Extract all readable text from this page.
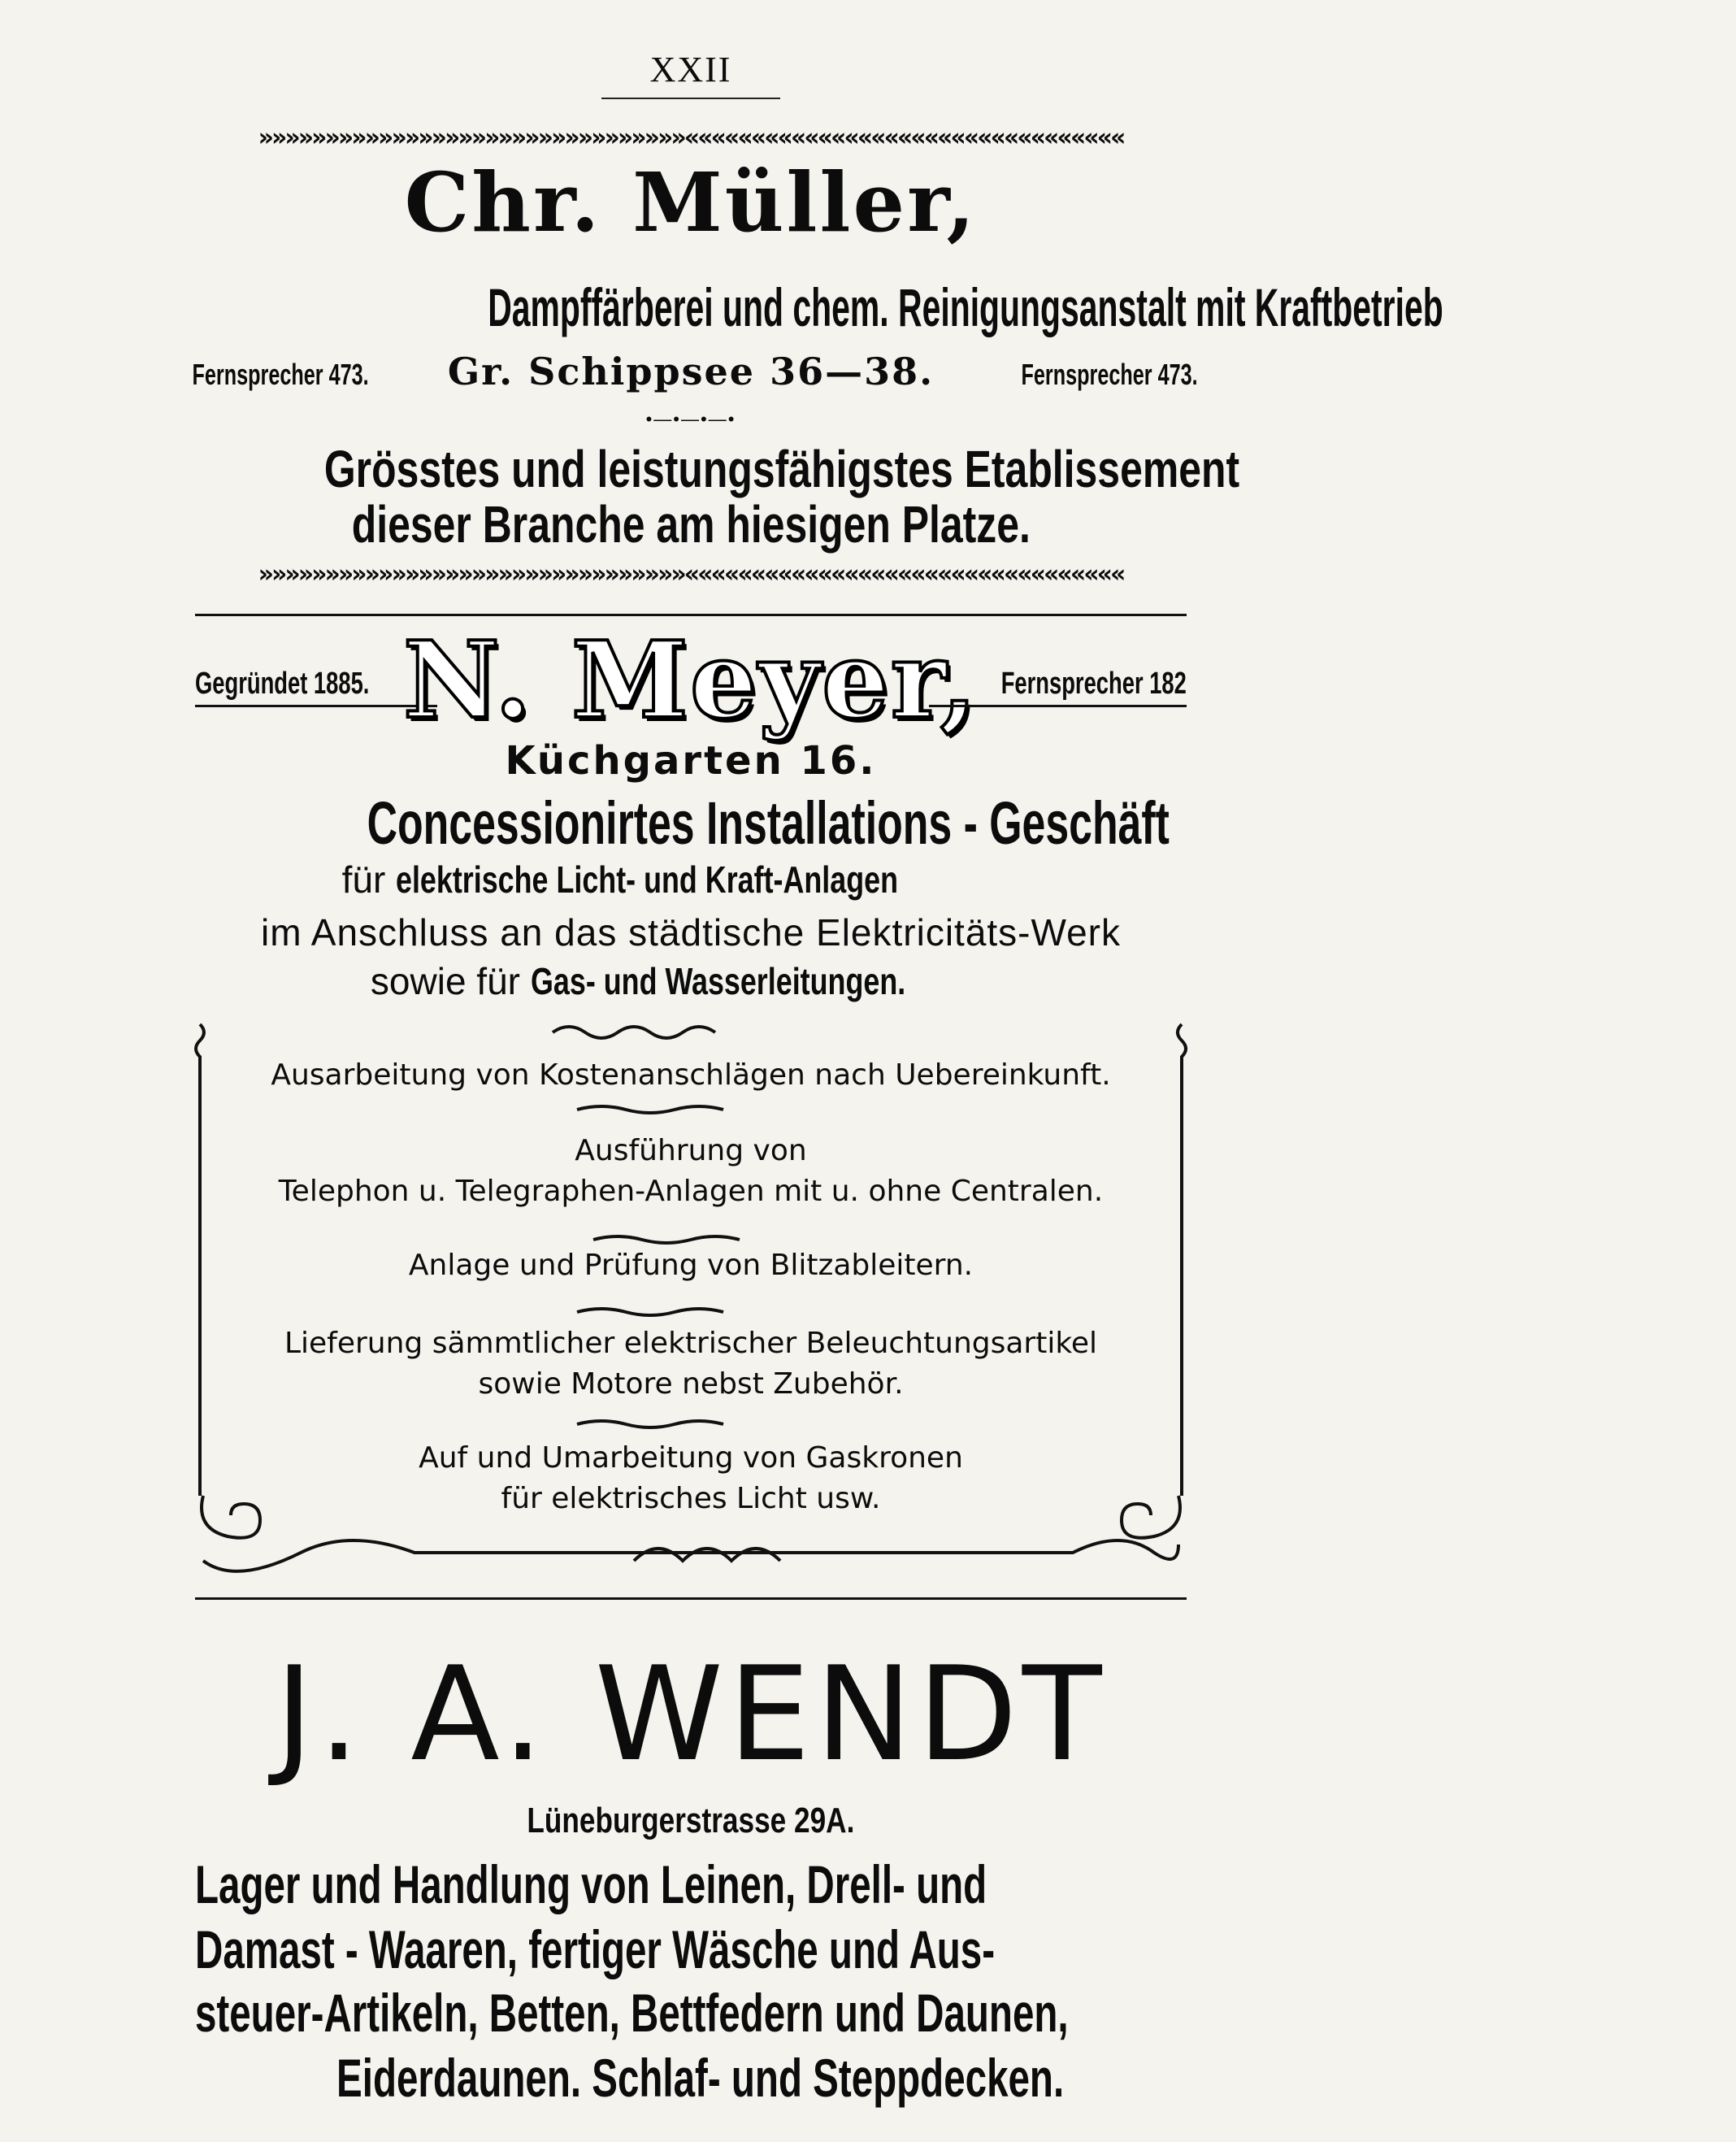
XXII
»»»»»»»»»»»»»»»»»»»»»»»»»»»»»»»»«««««««««««««««««««««««««««««««««
Chr. Müller,
Dampffärberei und chem. Reinigungsanstalt mit Kraftbetrieb
Fernsprecher 473.	Gr. Schippsee 36—38.	Fernsprecher 473.
•—•—•—•
Grösstes und leistungsfähigstes Etablissement
dieser Branche am hiesigen Platze.
»»»»»»»»»»»»»»»»»»»»»»»»»»»»»»»»«««««««««««««««««««««««««««««««««
Gegründet 1885. N. Meyer, Fernsprecher 182
Küchgarten 16.
Concessionirtes Installations - Geschäft
für elektrische Licht- und Kraft-Anlagen
im Anschluss an das städtische Elektricitäts-Werk
sowie für Gas- und Wasserleitungen.
Ausarbeitung von Kostenanschlägen nach Uebereinkunft.
Ausführung von
Telephon u. Telegraphen-Anlagen mit u. ohne Centralen.
Anlage und Prüfung von Blitzableitern.
Lieferung sämmtlicher elektrischer Beleuchtungsartikel
sowie Motore nebst Zubehör.
Auf und Umarbeitung von Gaskronen
für elektrisches Licht usw.
J. A. WENDT
Lüneburgerstrasse 29A.
Lager und Handlung von Leinen, Drell- und
Damast - Waaren, fertiger Wäsche und Aus-
steuer-Artikeln, Betten, Bettfedern und Daunen,
Eiderdaunen. Schlaf- und Steppdecken.
